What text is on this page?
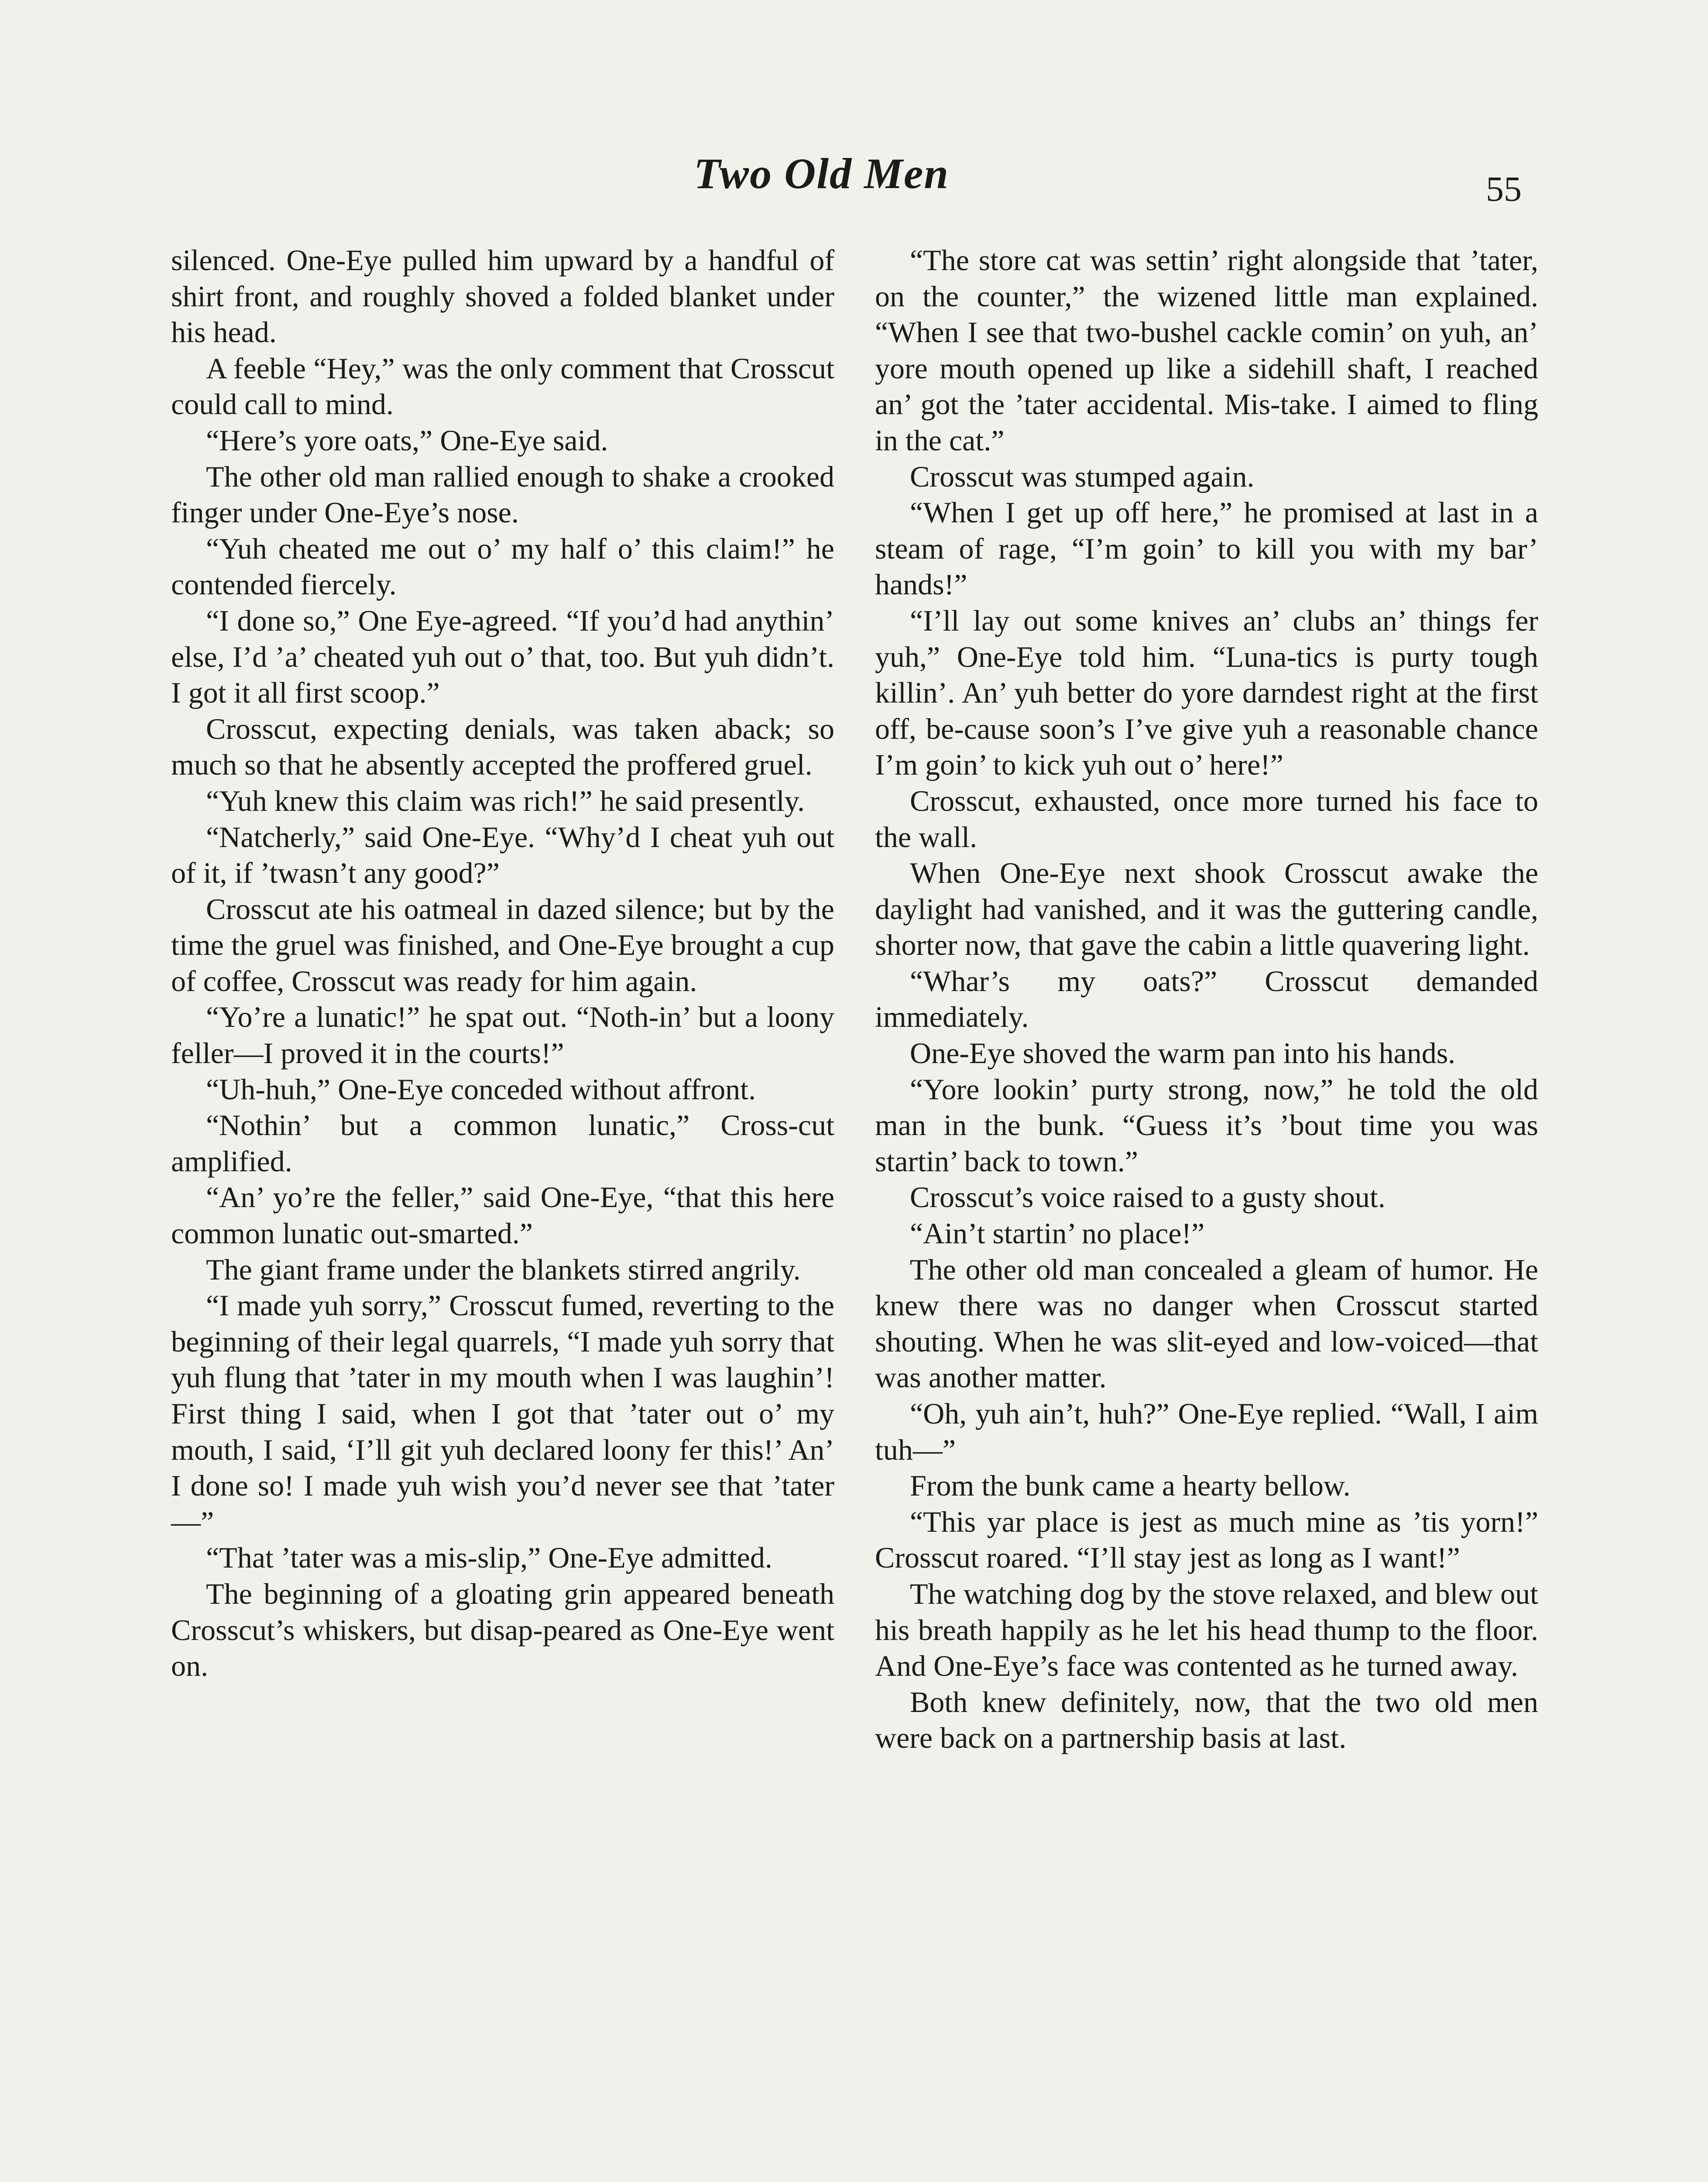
Two Old Men	55

silenced. One-Eye pulled him upward by a handful of shirt front, and roughly shoved a folded blanket under his head.

A feeble “Hey,” was the only comment that Crosscut could call to mind.

“Here’s yore oats,” One-Eye said.

The other old man rallied enough to shake a crooked finger under One-Eye’s nose.

“Yuh cheated me out o’ my half o’ this claim!” he contended fiercely.

“I done so,” One Eye-agreed. “If you’d had anythin’ else, I’d ’a’ cheated yuh out o’ that, too. But yuh didn’t. I got it all first scoop.”

Crosscut, expecting denials, was taken aback; so much so that he absently accepted the proffered gruel.

“Yuh knew this claim was rich!” he said presently.

“Natcherly,” said One-Eye. “Why’d I cheat yuh out of it, if ’twasn’t any good?”

Crosscut ate his oatmeal in dazed silence; but by the time the gruel was finished, and One-Eye brought a cup of coffee, Crosscut was ready for him again.

“Yo’re a lunatic!” he spat out. “Noth-in’ but a loony feller—I proved it in the courts!”

“Uh-huh,” One-Eye conceded without affront.

“Nothin’ but a common lunatic,” Cross-cut amplified.

“An’ yo’re the feller,” said One-Eye, “that this here common lunatic out-smarted.”

The giant frame under the blankets stirred angrily.

“I made yuh sorry,” Crosscut fumed, reverting to the beginning of their legal quarrels, “I made yuh sorry that yuh flung that ’tater in my mouth when I was laughin’! First thing I said, when I got that ’tater out o’ my mouth, I said, ‘I’ll git yuh declared loony fer this!’ An’ I done so! I made yuh wish you’d never see that ’tater—”

“That ’tater was a mis-slip,” One-Eye admitted.

The beginning of a gloating grin appeared beneath Crosscut’s whiskers, but disap-peared as One-Eye went on.

“The store cat was settin’ right alongside that ’tater, on the counter,” the wizened little man explained. “When I see that two-bushel cackle comin’ on yuh, an’ yore mouth opened up like a sidehill shaft, I reached an’ got the ’tater accidental. Mis-take. I aimed to fling in the cat.”

Crosscut was stumped again.

“When I get up off here,” he promised at last in a steam of rage, “I’m goin’ to kill you with my bar’ hands!”

“I’ll lay out some knives an’ clubs an’ things fer yuh,” One-Eye told him. “Luna-tics is purty tough killin’. An’ yuh better do yore darndest right at the first off, be-cause soon’s I’ve give yuh a reasonable chance I’m goin’ to kick yuh out o’ here!”

Crosscut, exhausted, once more turned his face to the wall.

When One-Eye next shook Crosscut awake the daylight had vanished, and it was the guttering candle, shorter now, that gave the cabin a little quavering light.

“Whar’s my oats?” Crosscut demanded immediately.

One-Eye shoved the warm pan into his hands.

“Yore lookin’ purty strong, now,” he told the old man in the bunk. “Guess it’s ’bout time you was startin’ back to town.”

Crosscut’s voice raised to a gusty shout.

“Ain’t startin’ no place!”

The other old man concealed a gleam of humor. He knew there was no danger when Crosscut started shouting. When he was slit-eyed and low-voiced—that was another matter.

“Oh, yuh ain’t, huh?” One-Eye replied. “Wall, I aim tuh—”

From the bunk came a hearty bellow.

“This yar place is jest as much mine as ’tis yorn!” Crosscut roared. “I’ll stay jest as long as I want!”

The watching dog by the stove relaxed, and blew out his breath happily as he let his head thump to the floor. And One-Eye’s face was contented as he turned away.

Both knew definitely, now, that the two old men were back on a partnership basis at last.
